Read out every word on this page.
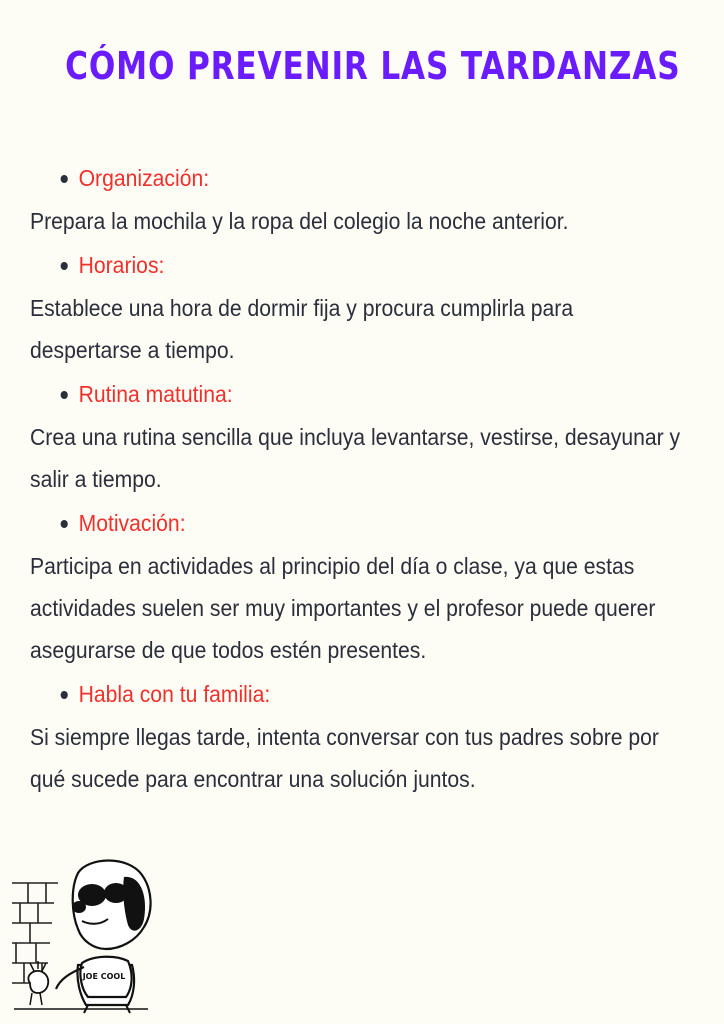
CÓMO PREVENIR LAS TARDANZAS
Organización:
Prepara la mochila y la ropa del colegio la noche anterior.
Horarios:
Establece una hora de dormir fija y procura cumplirla para despertarse a tiempo.
Rutina matutina:
Crea una rutina sencilla que incluya levantarse, vestirse, desayunar y salir a tiempo.
Motivación:
Participa en actividades al principio del día o clase, ya que estas actividades suelen ser muy importantes y el profesor puede querer asegurarse de que todos estén presentes.
Habla con tu familia:
Si siempre llegas tarde, intenta conversar con tus padres sobre por qué sucede para encontrar una solución juntos.
JOE COOL
